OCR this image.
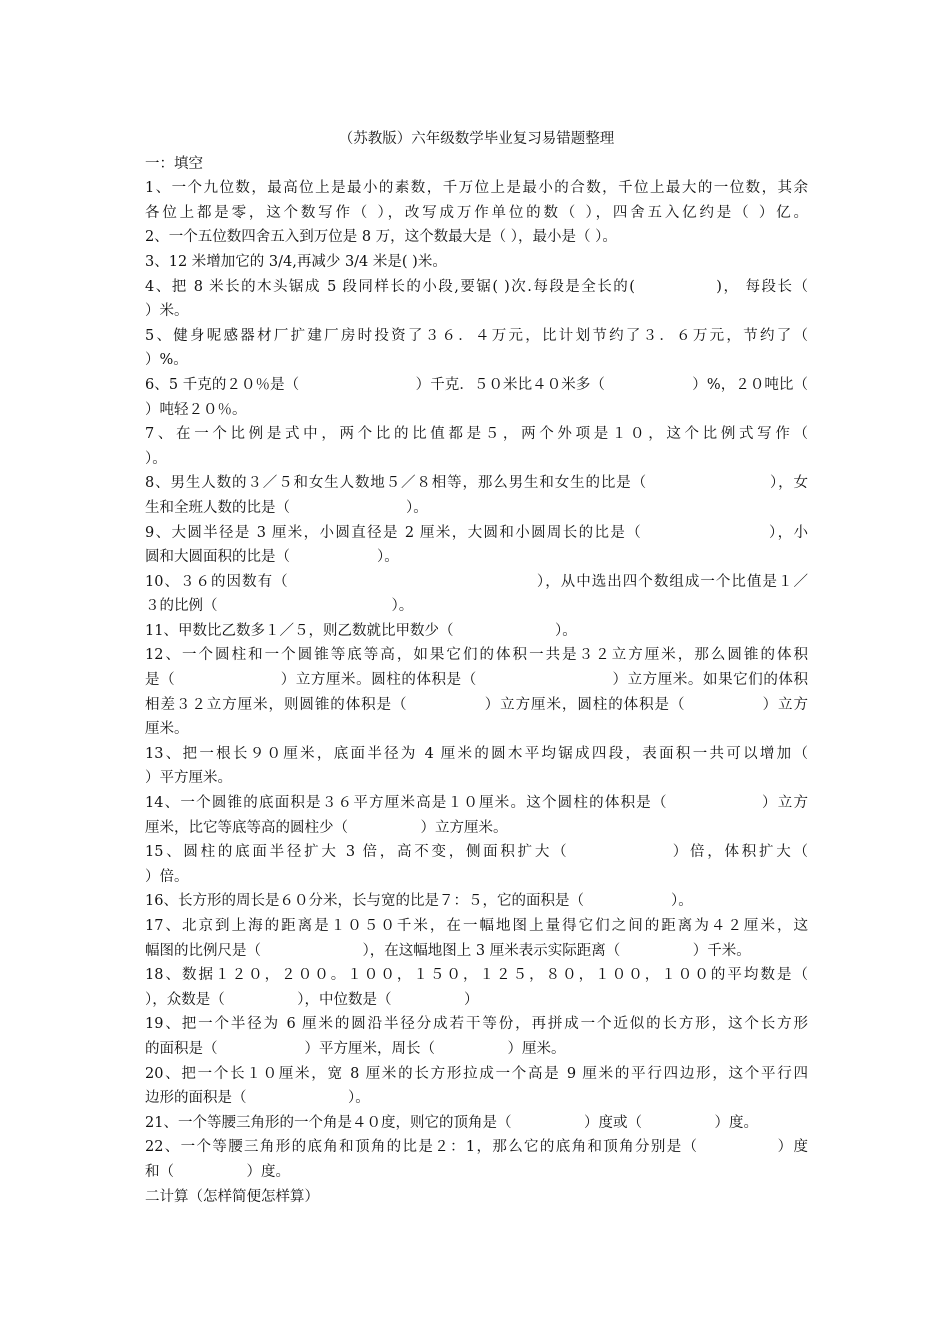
（苏教版）六年级数学毕业复习易错题整理
一：填空
1、一个九位数，最高位上是最小的素数，千万位上是最小的合数，千位上最大的一位数，其余
各位上都是零，这个数写作（ ），改写成万作单位的数（ ），四舍五入亿约是（ ）亿。
2、一个五位数四舍五入到万位是 8 万，这个数最大是（ ），最小是（ ）。
3、12 米增加它的 3/4,再减少 3/4 米是( )米。
4、把 8 米长的木头锯成 5 段同样长的小段,要锯( )次.每段是全长的(　　　　　)， 每段长（
）米。
5、健身呢感器材厂扩建厂房时投资了３６．４万元，比计划节约了３．６万元，节约了（
）%。
6、5 千克的２０％是（　　　　　　　　）千克．５０米比４０米多（　　　　　　）%，２０吨比（
）吨轻２０％。
7、在一个比例是式中，两个比的比值都是５，两个外项是１０，这个比例式写作（
）。
8、男生人数的３／５和女生人数地５／８相等，那么男生和女生的比是（　　　　　　　　），女
生和全班人数的比是（　　　　　　　　）。
9、大圆半径是 3 厘米，小圆直径是 2 厘米，大圆和小圆周长的比是（　　　　　　　　），小
圆和大圆面积的比是（　　　　　　）。
10、３６的因数有（　　　　　　　　　　　　　　　　），从中选出四个数组成一个比值是１／
３的比例（　　　　　　　　　　　　）。
11、甲数比乙数多１／５，则乙数就比甲数少（　　　　　　　）。
12、一个圆柱和一个圆锥等底等高，如果它们的体积一共是３２立方厘米，那么圆锥的体积
是（　　　　　　　）立方厘米。圆柱的体积是（　　　　　　　　　）立方厘米。如果它们的体积
相差３２立方厘米，则圆锥的体积是（　　　　　）立方厘米，圆柱的体积是（　　　　　）立方
厘米。
13、把一根长９０厘米，底面半径为 4 厘米的圆木平均锯成四段，表面积一共可以增加（
）平方厘米。
14、一个圆锥的底面积是３６平方厘米高是１０厘米。这个圆柱的体积是（　　　　　　）立方
厘米，比它等底等高的圆柱少（　　　　　）立方厘米。
15、圆柱的底面半径扩大 3 倍，高不变，侧面积扩大（　　　　　　）倍，体积扩大（
）倍。
16、长方形的周长是６０分米，长与宽的比是７：５，它的面积是（　　　　　　）。
17、北京到上海的距离是１０５０千米，在一幅地图上量得它们之间的距离为４２厘米，这
幅图的比例尺是（　　　　　　　），在这幅地图上 3 厘米表示实际距离（　　　　　）千米。
18、数据１２０，２００。１００，１５０，１２５，８０，１００，１００的平均数是（
），众数是（　　　　　），中位数是（　　　　　）
19、把一个半径为 6 厘米的圆沿半径分成若干等份，再拼成一个近似的长方形，这个长方形
的面积是（　　　　　　）平方厘米，周长（　　　　　）厘米。
20、把一个长１０厘米，宽 8 厘米的长方形拉成一个高是 9 厘米的平行四边形，这个平行四
边形的面积是（　　　　　　　）。
21、一个等腰三角形的一个角是４０度，则它的顶角是（　　　　　）度或（　　　　　）度。
22、一个等腰三角形的底角和顶角的比是２：1，那么它的底角和顶角分别是（　　　　　）度
和（　　　　　）度。
二计算（怎样简便怎样算）
